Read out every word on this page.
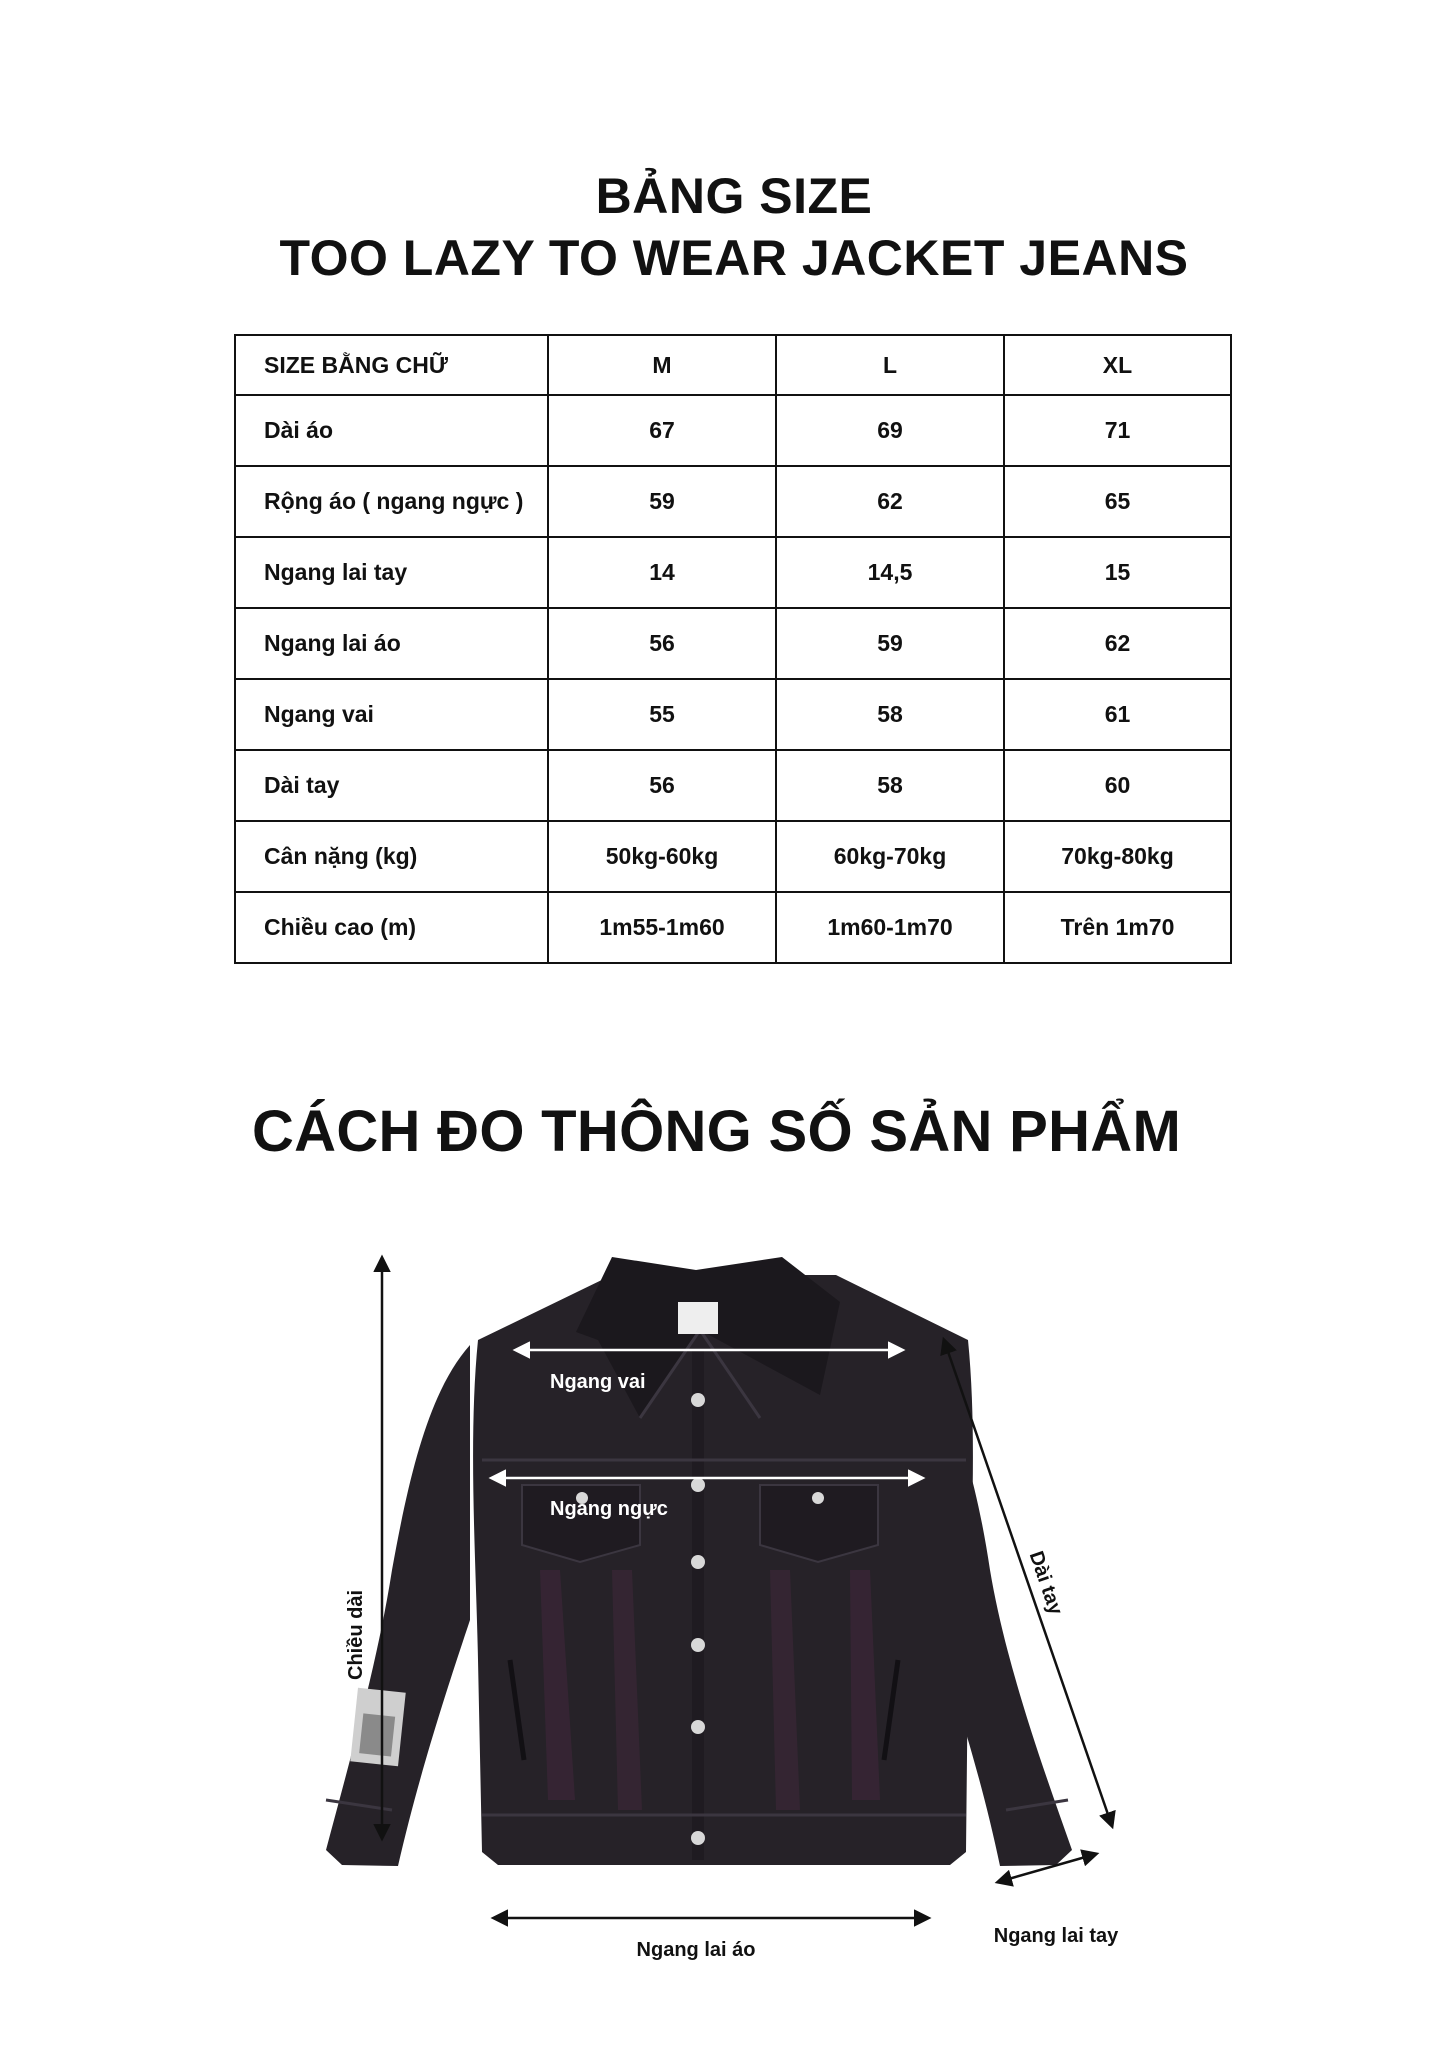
BẢNG SIZE
TOO LAZY TO WEAR JACKET JEANS
SIZE BẰNG CHỮ	M	L	XL
Dài áo	67	69	71
Rộng áo ( ngang ngực )	59	62	65
Ngang lai tay	14	14,5	15
Ngang lai áo	56	59	62
Ngang vai	55	58	61
Dài tay	56	58	60
Cân nặng (kg)	50kg-60kg	60kg-70kg	70kg-80kg
Chiều cao (m)	1m55-1m60	1m60-1m70	Trên 1m70
CÁCH ĐO THÔNG SỐ SẢN PHẨM
Ngang vai
Ngang ngực
Chiều dài
Dài tay
Ngang lai áo
Ngang lai tay
